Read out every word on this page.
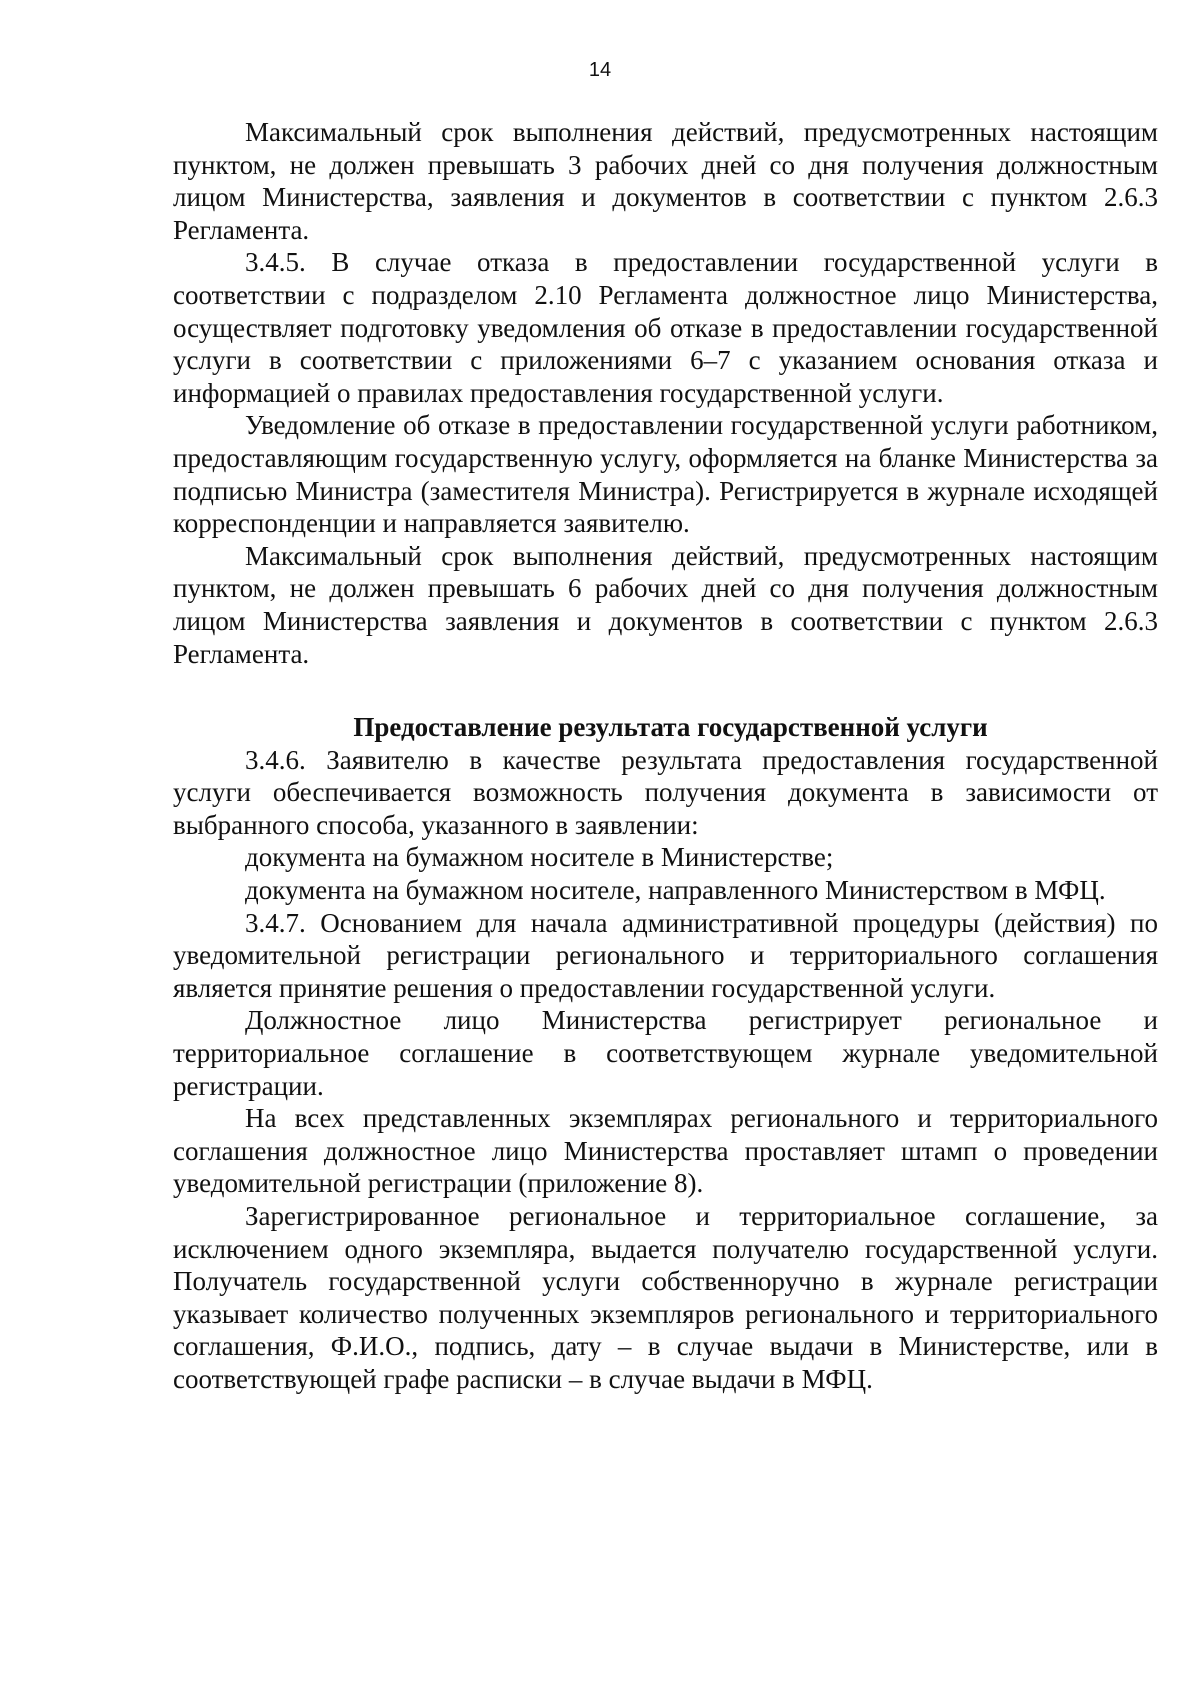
14

Максимальный срок выполнения действий, предусмотренных настоящим пунктом, не должен превышать 3 рабочих дней со дня получения должностным лицом Министерства, заявления и документов в соответствии с пунктом 2.6.3 Регламента.

3.4.5. В случае отказа в предоставлении государственной услуги в соответствии с подразделом 2.10 Регламента должностное лицо Министерства, осуществляет подготовку уведомления об отказе в предоставлении государственной услуги в соответствии с приложениями 6–7 с указанием основания отказа и информацией о правилах предоставления государственной услуги.

Уведомление об отказе в предоставлении государственной услуги работником, предоставляющим государственную услугу, оформляется на бланке Министерства за подписью Министра (заместителя Министра). Регистрируется в журнале исходящей корреспонденции и направляется заявителю.

Максимальный срок выполнения действий, предусмотренных настоящим пунктом, не должен превышать 6 рабочих дней со дня получения должностным лицом Министерства заявления и документов в соответствии с пунктом 2.6.3 Регламента.

Предоставление результата государственной услуги

3.4.6. Заявителю в качестве результата предоставления государственной услуги обеспечивается возможность получения документа в зависимости от выбранного способа, указанного в заявлении:

документа на бумажном носителе в Министерстве;

документа на бумажном носителе, направленного Министерством в МФЦ.

3.4.7. Основанием для начала административной процедуры (действия) по уведомительной регистрации регионального и территориального соглашения является принятие решения о предоставлении государственной услуги.

Должностное лицо Министерства регистрирует региональное и территориальное соглашение в соответствующем журнале уведомительной регистрации.

На всех представленных экземплярах регионального и территориального соглашения должностное лицо Министерства проставляет штамп о проведении уведомительной регистрации (приложение 8).

Зарегистрированное региональное и территориальное соглашение, за исключением одного экземпляра, выдается получателю государственной услуги. Получатель государственной услуги собственноручно в журнале регистрации указывает количество полученных экземпляров регионального и территориального соглашения, Ф.И.О., подпись, дату – в случае выдачи в Министерстве, или в соответствующей графе расписки – в случае выдачи в МФЦ.
